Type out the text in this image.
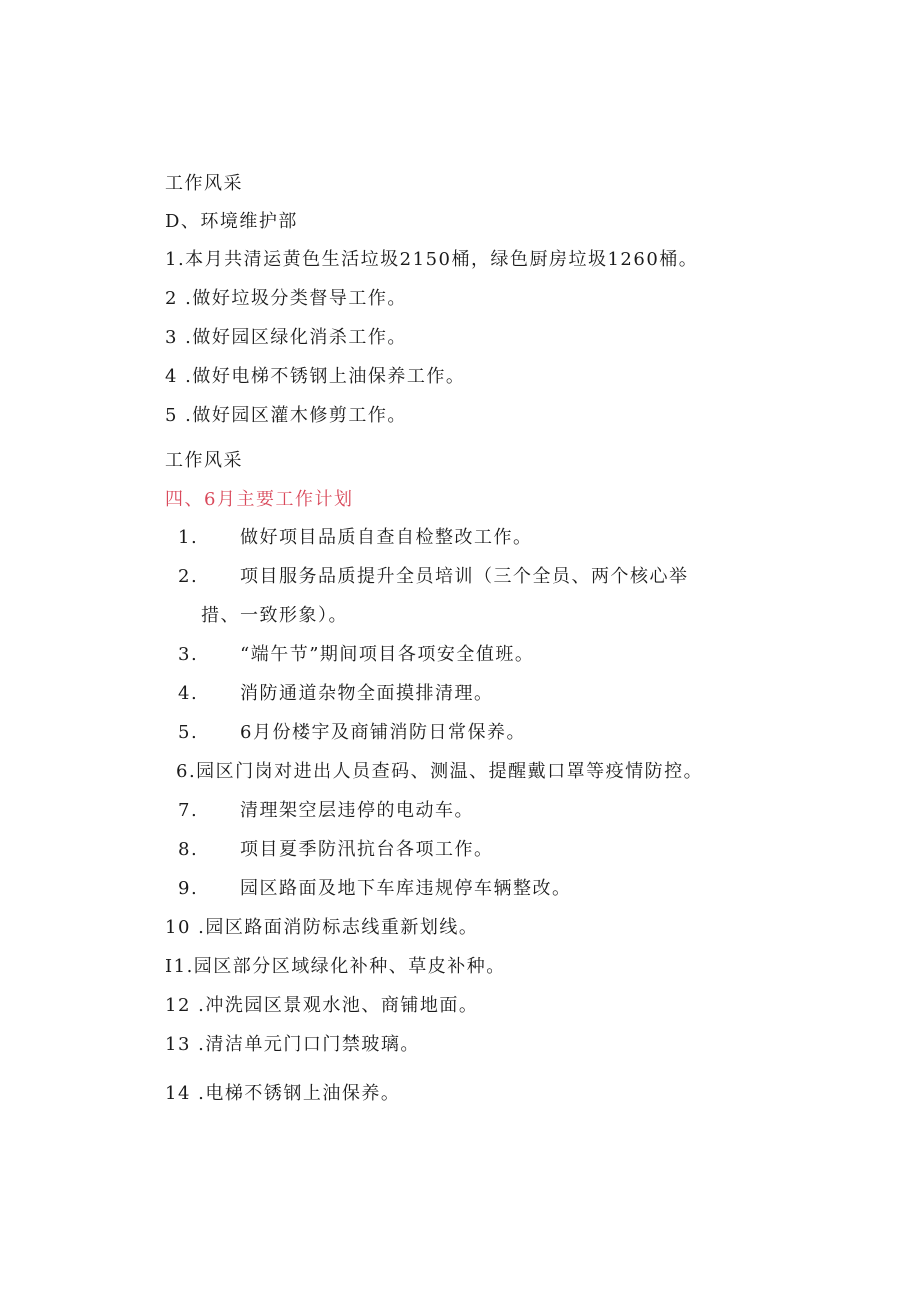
工作风采
D、环境维护部
1.本月共清运黄色生活垃圾2150桶，绿色厨房垃圾1260桶。
2 .做好垃圾分类督导工作。
3 .做好园区绿化消杀工作。
4 .做好电梯不锈钢上油保养工作。
5 .做好园区灌木修剪工作。
工作风采
四、6月主要工作计划
1. 做好项目品质自查自检整改工作。
2. 项目服务品质提升全员培训（三个全员、两个核心举
措、一致形象）。
3. “端午节”期间项目各项安全值班。
4. 消防通道杂物全面摸排清理。
5. 6月份楼宇及商铺消防日常保养。
6.园区门岗对进出人员查码、测温、提醒戴口罩等疫情防控。
7. 清理架空层违停的电动车。
8. 项目夏季防汛抗台各项工作。
9. 园区路面及地下车库违规停车辆整改。
10 .园区路面消防标志线重新划线。
I1.园区部分区域绿化补种、草皮补种。
12 .冲洗园区景观水池、商铺地面。
13 .清洁单元门口门禁玻璃。
14 .电梯不锈钢上油保养。
